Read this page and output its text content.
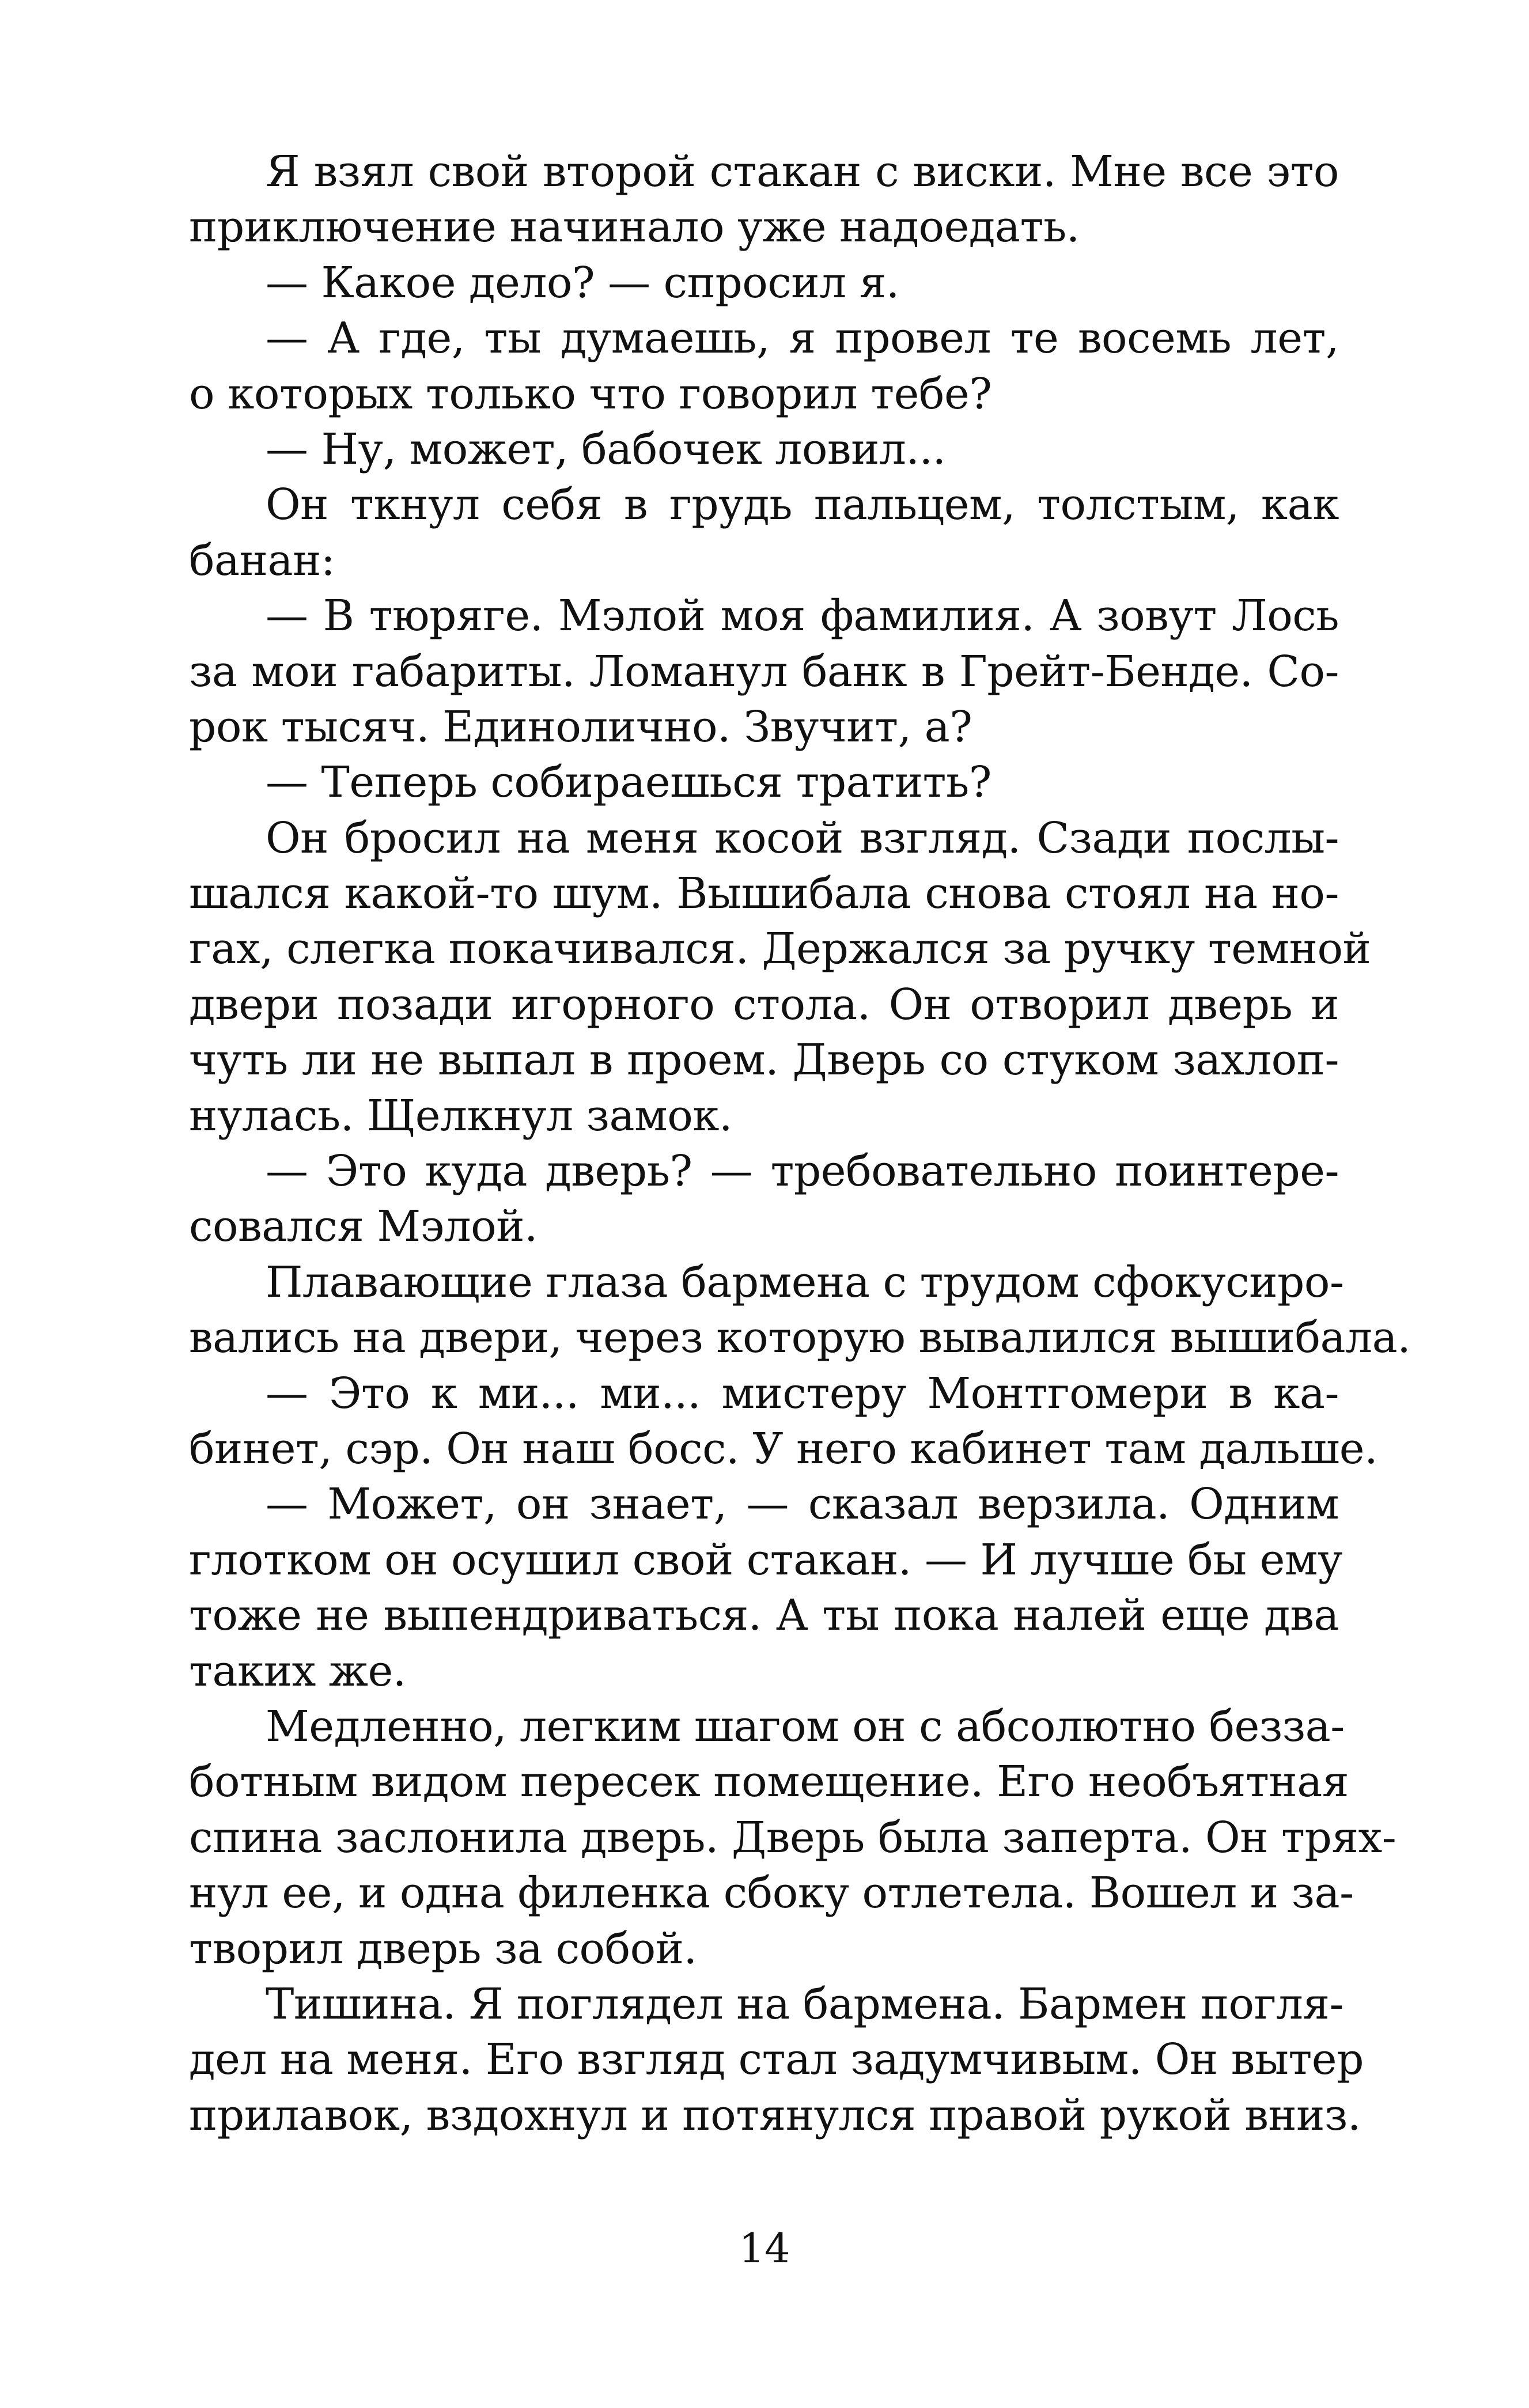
Я взял свой второй стакан с виски. Мне все это
приключение начинало уже надоедать.
— Какое дело? — спросил я.
— А где, ты думаешь, я провел те восемь лет,
о которых только что говорил тебе?
— Ну, может, бабочек ловил...
Он ткнул себя в грудь пальцем, толстым, как
банан:
— В тюряге. Мэлой моя фамилия. А зовут Лось
за мои габариты. Ломанул банк в Грейт-Бенде. Со-
рок тысяч. Единолично. Звучит, а?
— Теперь собираешься тратить?
Он бросил на меня косой взгляд. Сзади послы-
шался какой-то шум. Вышибала снова стоял на но-
гах, слегка покачивался. Держался за ручку темной
двери позади игорного стола. Он отворил дверь и
чуть ли не выпал в проем. Дверь со стуком захлоп-
нулась. Щелкнул замок.
— Это куда дверь? — требовательно поинтере-
совался Мэлой.
Плавающие глаза бармена с трудом сфокусиро-
вались на двери, через которую вывалился вышибала.
— Это к ми... ми... мистеру Монтгомери в ка-
бинет, сэр. Он наш босс. У него кабинет там дальше.
— Может, он знает, — сказал верзила. Одним
глотком он осушил свой стакан. — И лучше бы ему
тоже не выпендриваться. А ты пока налей еще два
таких же.
Медленно, легким шагом он с абсолютно безза-
ботным видом пересек помещение. Его необъятная
спина заслонила дверь. Дверь была заперта. Он трях-
нул ее, и одна филенка сбоку отлетела. Вошел и за-
творил дверь за собой.
Тишина. Я поглядел на бармена. Бармен погля-
дел на меня. Его взгляд стал задумчивым. Он вытер
прилавок, вздохнул и потянулся правой рукой вниз.
14
